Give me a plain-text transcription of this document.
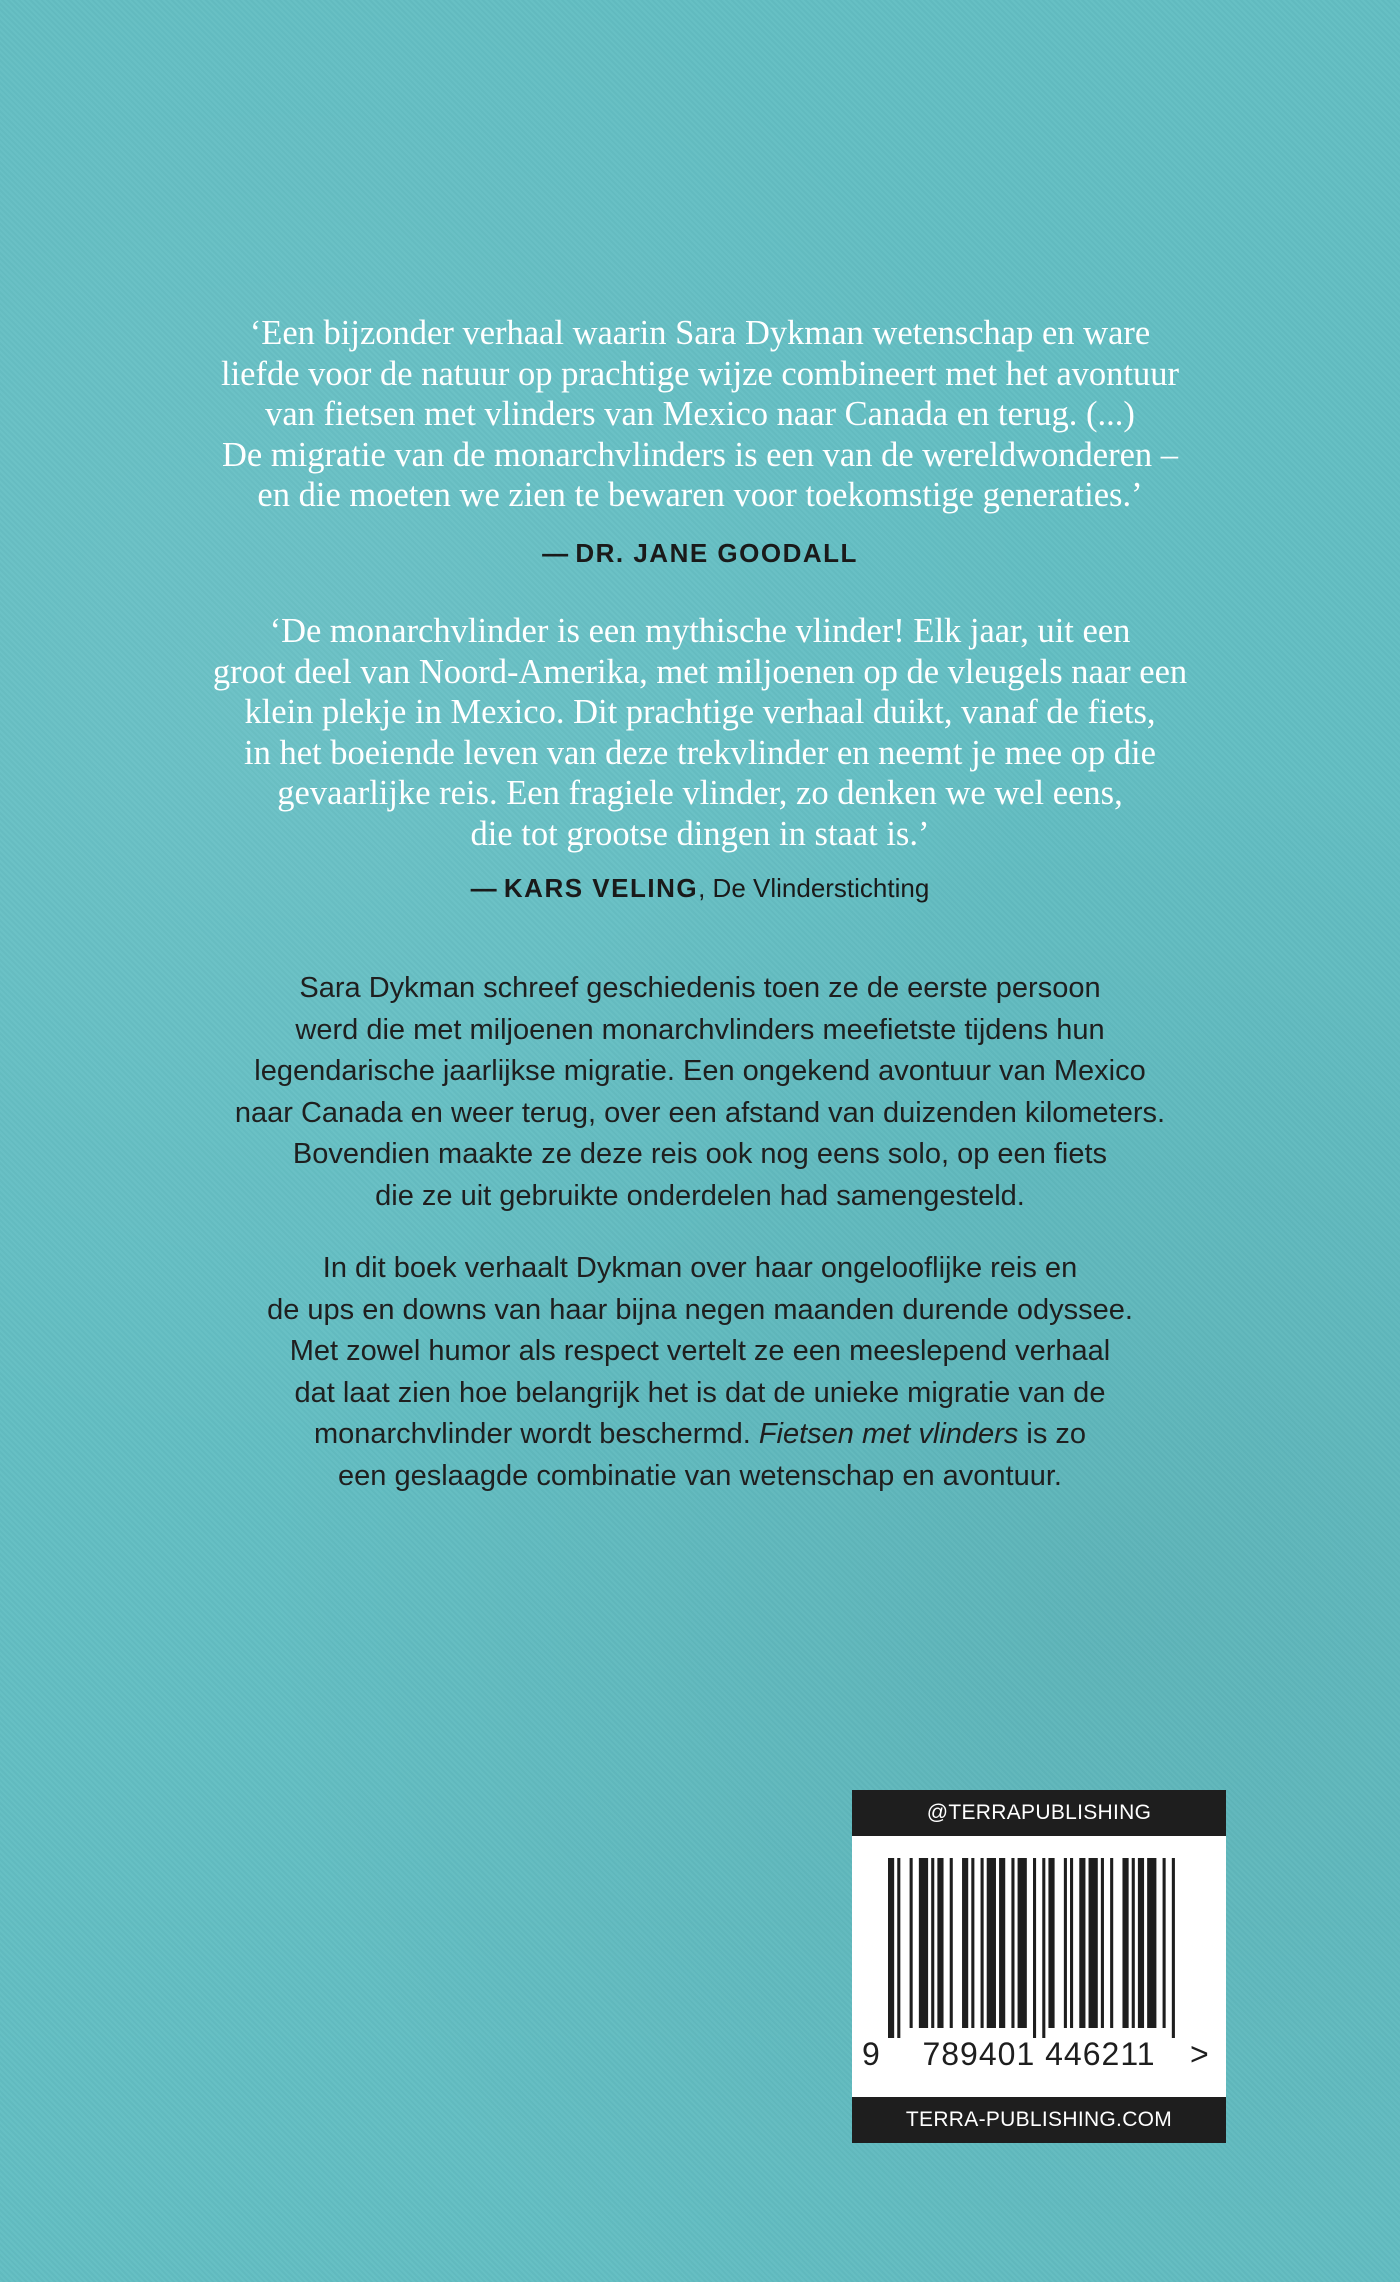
‘Een bijzonder verhaal waarin Sara Dykman wetenschap en ware
liefde voor de natuur op prachtige wijze combineert met het avontuur
van fietsen met vlinders van Mexico naar Canada en terug. (...)
De migratie van de monarchvlinders is een van de wereldwonderen –
en die moeten we zien te bewaren voor toekomstige generaties.’
— DR. JANE GOODALL
‘De monarchvlinder is een mythische vlinder! Elk jaar, uit een
groot deel van Noord-Amerika, met miljoenen op de vleugels naar een
klein plekje in Mexico. Dit prachtige verhaal duikt, vanaf de fiets,
in het boeiende leven van deze trekvlinder en neemt je mee op die
gevaarlijke reis. Een fragiele vlinder, zo denken we wel eens,
die tot grootse dingen in staat is.’
— KARS VELING, De Vlinderstichting
Sara Dykman schreef geschiedenis toen ze de eerste persoon
werd die met miljoenen monarchvlinders meefietste tijdens hun
legendarische jaarlijkse migratie. Een ongekend avontuur van Mexico
naar Canada en weer terug, over een afstand van duizenden kilometers.
Bovendien maakte ze deze reis ook nog eens solo, op een fiets
die ze uit gebruikte onderdelen had samengesteld.
In dit boek verhaalt Dykman over haar ongelooflijke reis en
de ups en downs van haar bijna negen maanden durende odyssee.
Met zowel humor als respect vertelt ze een meeslepend verhaal
dat laat zien hoe belangrijk het is dat de unieke migratie van de
monarchvlinder wordt beschermd. Fietsen met vlinders is zo
een geslaagde combinatie van wetenschap en avontuur.
@TERRAPUBLISHING
9	789401 446211	>
TERRA-PUBLISHING.COM
